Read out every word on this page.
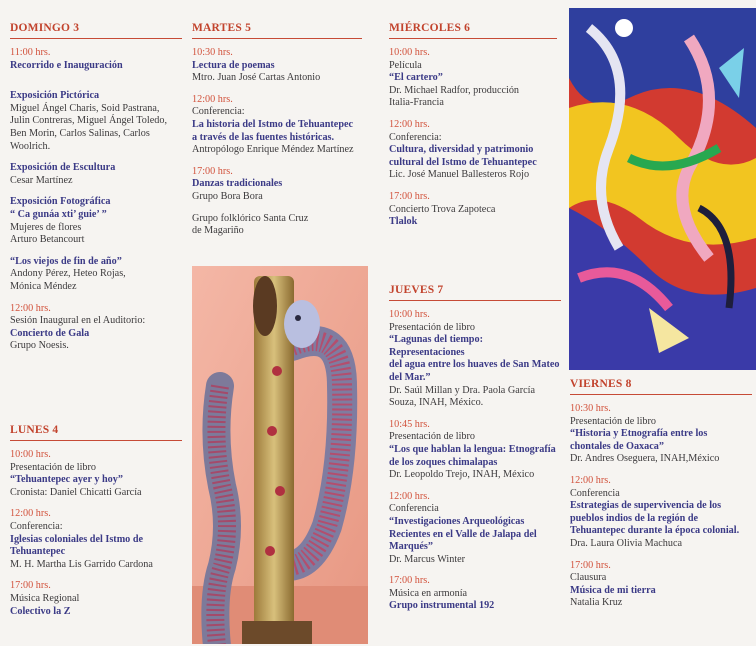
DOMINGO 3
11:00 hrs.
Recorrido e Inauguración
Exposición Pictórica
Miguel Ángel Charis, Soid Pastrana,
Julin Contreras, Miguel Ángel Toledo,
Ben Morin, Carlos Salinas, Carlos
Woolrich.
Exposición de Escultura
Cesar Martínez
Exposición Fotográfica
“ Ca gunáa xti’ guie’ ”
Mujeres de flores
Arturo Betancourt
“Los viejos de fin de año”
Andony Pérez, Heteo Rojas,
Mónica Méndez
12:00 hrs.
Sesión Inaugural en el Auditorio:
Concierto de Gala
Grupo Noesis.
LUNES 4
10:00 hrs.
Presentación de libro
“Tehuantepec ayer y hoy”
Cronista: Daniel Chicatti García
12:00 hrs.
Conferencia:
Iglesias coloniales del Istmo de Tehuantepec
M. H. Martha Lis Garrido Cardona
17:00 hrs.
Música Regional
Colectivo la Z
MARTES 5
10:30 hrs.
Lectura de poemas
Mtro. Juan José Cartas Antonio
12:00 hrs.
Conferencia:
La historia del Istmo de Tehuantepec
a través de las fuentes históricas.
Antropólogo Enrique Méndez Martínez
17:00 hrs.
Danzas tradicionales
Grupo Bora Bora
Grupo folklórico Santa Cruz
de Magariño
MIÉRCOLES 6
10:00 hrs.
Película
“El cartero”
Dr. Michael Radfor, producción
Italia-Francia
12:00 hrs.
Conferencia:
Cultura, diversidad y patrimonio
cultural del Istmo de Tehuantepec
Lic. José Manuel Ballesteros Rojo
17:00 hrs.
Concierto Trova Zapoteca
Tlalok
JUEVES 7
10:00 hrs.
Presentación de libro
“Lagunas del tiempo: Representaciones
del agua entre los huaves de San Mateo
del Mar.”
Dr. Saúl Millan y Dra. Paola García
Souza, INAH, México.
10:45 hrs.
Presentación de libro
“Los que hablan la lengua: Etnografía
de los zoques chimalapas
Dr. Leopoldo Trejo, INAH, México
12:00 hrs.
Conferencia
“Investigaciones Arqueológicas
Recientes en el Valle de Jalapa del
Marqués”
Dr. Marcus Winter
17:00 hrs.
Música en armonía
Grupo instrumental 192
VIERNES 8
10:30 hrs.
Presentación de libro
“Historia y Etnografía entre los
chontales de Oaxaca”
Dr. Andres Oseguera, INAH,México
12:00 hrs.
Conferencia
Estrategias de supervivencia de los
pueblos indios de la región de
Tehuantepec durante la época colonial.
Dra. Laura Olivia Machuca
17:00 hrs.
Clausura
Música de mi tierra
Natalia Kruz
